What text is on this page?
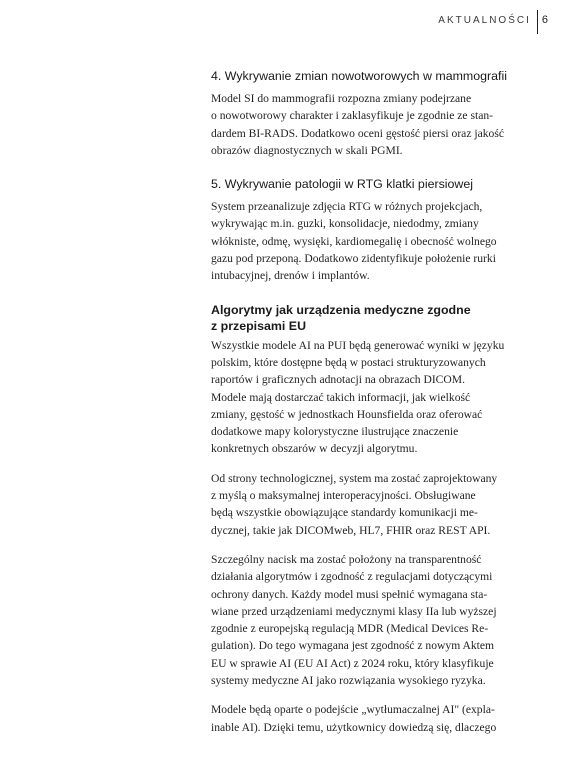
AKTUALNOŚCI	6
4. Wykrywanie zmian nowotworowych w mammografii
Model SI do mammografii rozpozna zmiany podejrzane
o nowotworowy charakter i zaklasyfikuje je zgodnie ze stan-
dardem BI-RADS. Dodatkowo oceni gęstość piersi oraz jakość
obrazów diagnostycznych w skali PGMI.
5. Wykrywanie patologii w RTG klatki piersiowej
System przeanalizuje zdjęcia RTG w różnych projekcjach,
wykrywając m.in. guzki, konsolidacje, niedodmy, zmiany
włókniste, odmę, wysięki, kardiomegalię i obecność wolnego
gazu pod przeponą. Dodatkowo zidentyfikuje położenie rurki
intubacyjnej, drenów i implantów.
Algorytmy jak urządzenia medyczne zgodne
z przepisami EU
Wszystkie modele AI na PUI będą generować wyniki w języku
polskim, które dostępne będą w postaci strukturyzowanych
raportów i graficznych adnotacji na obrazach DICOM.
Modele mają dostarczać takich informacji, jak wielkość
zmiany, gęstość w jednostkach Hounsfielda oraz oferować
dodatkowe mapy kolorystyczne ilustrujące znaczenie
konkretnych obszarów w decyzji algorytmu.
Od strony technologicznej, system ma zostać zaprojektowany
z myślą o maksymalnej interoperacyjności. Obsługiwane
będą wszystkie obowiązujące standardy komunikacji me-
dycznej, takie jak DICOMweb, HL7, FHIR oraz REST API.
Szczególny nacisk ma zostać położony na transparentność
działania algorytmów i zgodność z regulacjami dotyczącymi
ochrony danych. Każdy model musi spełnić wymagana sta-
wiane przed urządzeniami medycznymi klasy IIa lub wyższej
zgodnie z europejską regulacją MDR (Medical Devices Re-
gulation). Do tego wymagana jest zgodność z nowym Aktem
EU w sprawie AI (EU AI Act) z 2024 roku, który klasyfikuje
systemy medyczne AI jako rozwiązania wysokiego ryzyka.
Modele będą oparte o podejście „wytłumaczalnej AI" (expla-
inable AI). Dzięki temu, użytkownicy dowiedzą się, dlaczego
